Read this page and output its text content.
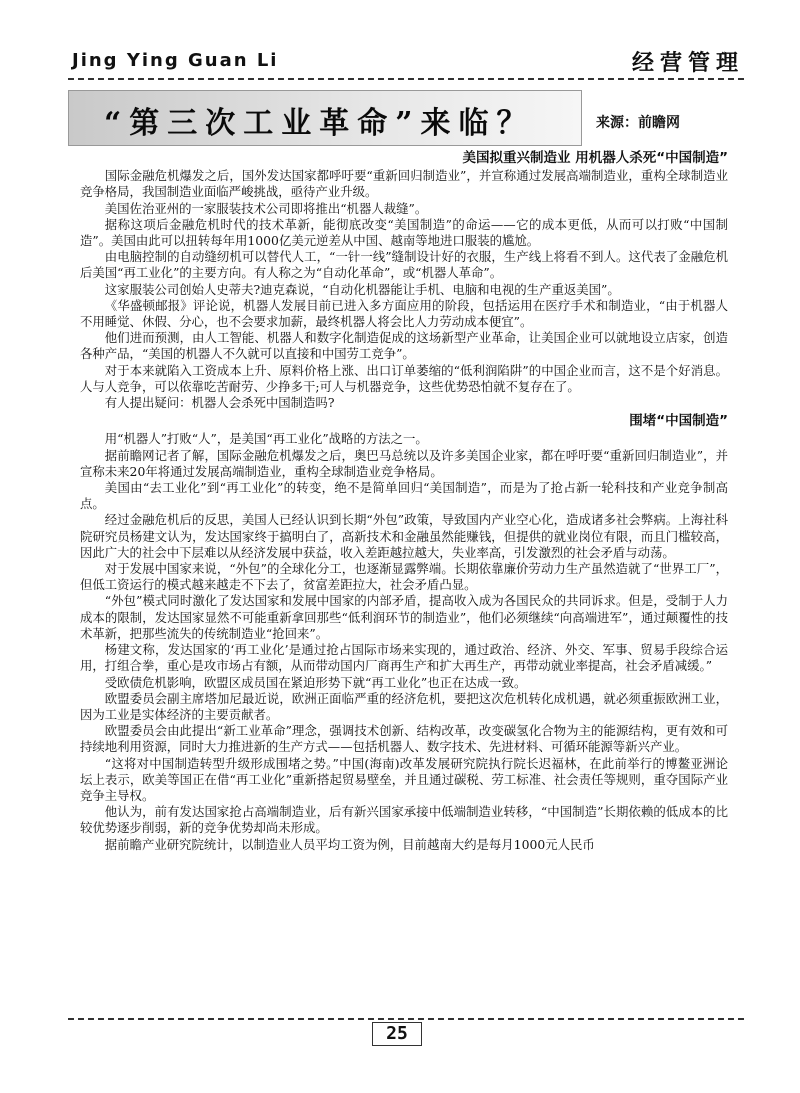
Jing Ying Guan Li	经营管理
“第三次工业革命”来临？	来源：前瞻网
美国拟重兴制造业 用机器人杀死“中国制造”

国际金融危机爆发之后，国外发达国家都呼吁要“重新回归制造业”，并宣称通过发展高端制造业，重构全球制造业竞争格局，我国制造业面临严峻挑战，亟待产业升级。

美国佐治亚州的一家服装技术公司即将推出“机器人裁缝”。

据称这项后金融危机时代的技术革新，能彻底改变“美国制造”的命运——它的成本更低，从而可以打败“中国制造”。美国由此可以扭转每年用1000亿美元逆差从中国、越南等地进口服装的尴尬。

由电脑控制的自动缝纫机可以替代人工，“一针一线”缝制设计好的衣服，生产线上将看不到人。这代表了金融危机后美国“再工业化”的主要方向。有人称之为“自动化革命”，或“机器人革命”。

这家服装公司创始人史蒂夫?迪克森说，“自动化机器能让手机、电脑和电视的生产重返美国”。

《华盛顿邮报》评论说，机器人发展目前已进入多方面应用的阶段，包括运用在医疗手术和制造业，“由于机器人不用睡觉、休假、分心，也不会要求加薪，最终机器人将会比人力劳动成本便宜”。

他们进而预测，由人工智能、机器人和数字化制造促成的这场新型产业革命，让美国企业可以就地设立店家，创造各种产品，“美国的机器人不久就可以直接和中国劳工竞争”。

对于本来就陷入工资成本上升、原料价格上涨、出口订单萎缩的“低利润陷阱”的中国企业而言，这不是个好消息。人与人竞争，可以依靠吃苦耐劳、少挣多干;可人与机器竞争，这些优势恐怕就不复存在了。

有人提出疑问：机器人会杀死中国制造吗?

围堵“中国制造”

用“机器人”打败“人”，是美国“再工业化”战略的方法之一。

据前瞻网记者了解，国际金融危机爆发之后，奥巴马总统以及许多美国企业家，都在呼吁要“重新回归制造业”，并宣称未来20年将通过发展高端制造业，重构全球制造业竞争格局。

美国由“去工业化”到“再工业化”的转变，绝不是简单回归“美国制造”，而是为了抢占新一轮科技和产业竞争制高点。

经过金融危机后的反思，美国人已经认识到长期“外包”政策，导致国内产业空心化，造成诸多社会弊病。上海社科院研究员杨建文认为，发达国家终于搞明白了，高新技术和金融虽然能赚钱，但提供的就业岗位有限，而且门槛较高，因此广大的社会中下层难以从经济发展中获益，收入差距越拉越大，失业率高，引发激烈的社会矛盾与动荡。

对于发展中国家来说，“外包”的全球化分工，也逐渐显露弊端。长期依靠廉价劳动力生产虽然造就了“世界工厂”，但低工资运行的模式越来越走不下去了，贫富差距拉大，社会矛盾凸显。

“外包”模式同时激化了发达国家和发展中国家的内部矛盾，提高收入成为各国民众的共同诉求。但是，受制于人力成本的限制，发达国家显然不可能重新拿回那些“低利润环节的制造业”，他们必须继续“向高端进军”，通过颠覆性的技术革新，把那些流失的传统制造业“抢回来”。

杨建文称，发达国家的‘再工业化’是通过抢占国际市场来实现的，通过政治、经济、外交、军事、贸易手段综合运用，打组合拳，重心是攻市场占有额，从而带动国内厂商再生产和扩大再生产，再带动就业率提高，社会矛盾减缓。”

受欧债危机影响，欧盟区成员国在紧迫形势下就“再工业化”也正在达成一致。

欧盟委员会副主席塔加尼最近说，欧洲正面临严重的经济危机，要把这次危机转化成机遇，就必须重振欧洲工业，因为工业是实体经济的主要贡献者。

欧盟委员会由此提出“新工业革命”理念，强调技术创新、结构改革，改变碳氢化合物为主的能源结构，更有效和可持续地利用资源，同时大力推进新的生产方式——包括机器人、数字技术、先进材料、可循环能源等新兴产业。

“这将对中国制造转型升级形成围堵之势。”中国(海南)改革发展研究院执行院长迟福林，在此前举行的博鳌亚洲论坛上表示，欧美等国正在借“再工业化”重新搭起贸易壁垒，并且通过碳税、劳工标准、社会责任等规则，重夺国际产业竞争主导权。

他认为，前有发达国家抢占高端制造业，后有新兴国家承接中低端制造业转移，“中国制造”长期依赖的低成本的比较优势逐步削弱，新的竞争优势却尚未形成。

据前瞻产业研究院统计，以制造业人员平均工资为例，目前越南大约是每月1000元人民币

25
